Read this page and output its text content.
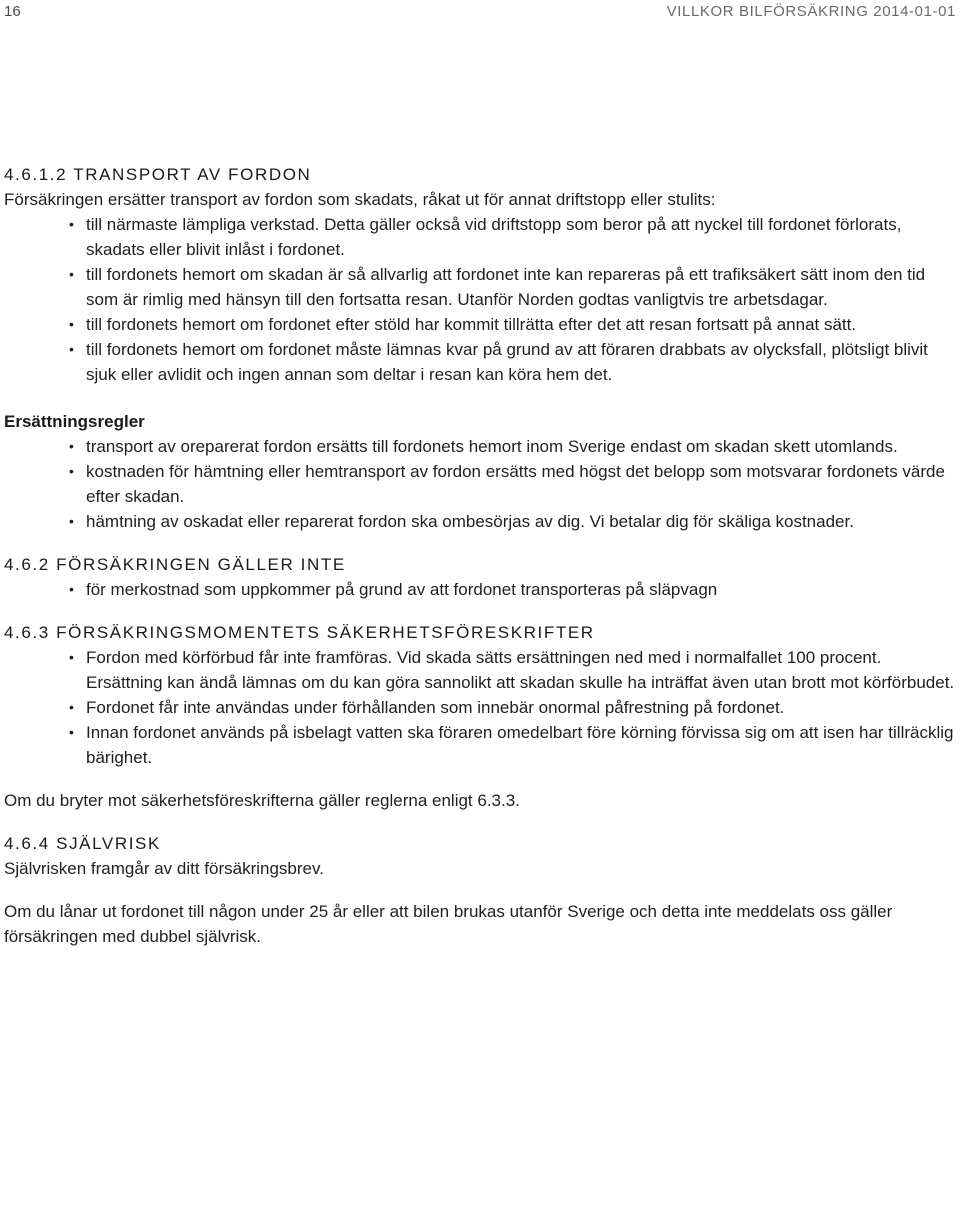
16	VILLKOR BILFÖRSÄKRING 2014-01-01
4.6.1.2 TRANSPORT AV FORDON

Försäkringen ersätter transport av fordon som skadats, råkat ut för annat driftstopp eller stulits:

• till närmaste lämpliga verkstad. Detta gäller också vid driftstopp som beror på att nyckel till fordonet förlorats, skadats eller blivit inlåst i fordonet.
• till fordonets hemort om skadan är så allvarlig att fordonet inte kan repareras på ett trafiksäkert sätt inom den tid som är rimlig med hänsyn till den fortsatta resan. Utanför Norden godtas vanligtvis tre arbetsdagar.
• till fordonets hemort om fordonet efter stöld har kommit tillrätta efter det att resan fortsatt på annat sätt.
• till fordonets hemort om fordonet måste lämnas kvar på grund av att föraren drabbats av olycksfall, plötsligt blivit sjuk eller avlidit och ingen annan som deltar i resan kan köra hem det.
Ersättningsregler
• transport av oreparerat fordon ersätts till fordonets hemort inom Sverige endast om skadan skett utomlands.
• kostnaden för hämtning eller hemtransport av fordon ersätts med högst det belopp som motsvarar fordonets värde efter skadan.
• hämtning av oskadat eller reparerat fordon ska ombesörjas av dig. Vi betalar dig för skäliga kostnader.
4.6.2 FÖRSÄKRINGEN GÄLLER INTE
• för merkostnad som uppkommer på grund av att fordonet transporteras på släpvagn
4.6.3 FÖRSÄKRINGSMOMENTETS SÄKERHETSFÖRESKRIFTER
• Fordon med körförbud får inte framföras. Vid skada sätts ersättningen ned med i normalfallet 100 procent. Ersättning kan ändå lämnas om du kan göra sannolikt att skadan skulle ha inträffat även utan brott mot körförbudet.
• Fordonet får inte användas under förhållanden som innebär onormal påfrestning på fordonet.
• Innan fordonet används på isbelagt vatten ska föraren omedelbart före körning förvissa sig om att isen har tillräcklig bärighet.

Om du bryter mot säkerhetsföreskrifterna gäller reglerna enligt 6.3.3.

4.6.4 SJÄLVRISK

Självrisken framgår av ditt försäkringsbrev.

Om du lånar ut fordonet till någon under 25 år eller att bilen brukas utanför Sverige och detta inte meddelats oss gäller försäkringen med dubbel självrisk.
